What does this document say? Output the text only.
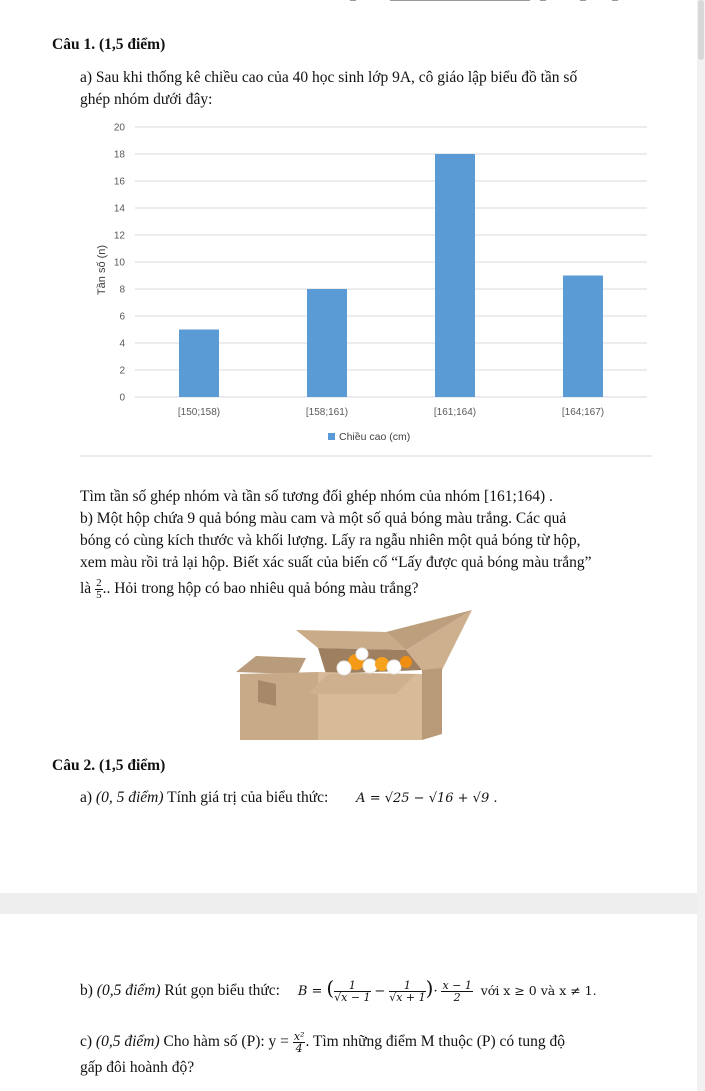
Câu 1. (1,5 điểm)
a) Sau khi thống kê chiều cao của 40 học sinh lớp 9A, cô giáo lập biểu đồ tần số
ghép nhóm dưới đây:
0
2
4
6
8
10
12
14
16
18
20
[150;158)	[158;161)	[161;164)	[164;167)
Tần số (n)
Chiều cao (cm)
Tìm tần số ghép nhóm và tần số tương đối ghép nhóm của nhóm [161;164) .
b) Một hộp chứa 9 quả bóng màu cam và một số quả bóng màu trắng. Các quả
bóng có cùng kích thước và khối lượng. Lấy ra ngẫu nhiên một quả bóng từ hộp,
xem màu rồi trả lại hộp. Biết xác suất của biến cố “Lấy được quả bóng màu trắng”
là $\frac{2}{5}$ .. Hỏi trong hộp có bao nhiêu quả bóng màu trắng?
Câu 2. (1,5 điểm)
a) (0, 5 điểm) Tính giá trị của biểu thức: A = √25 − √16 + √9 .
b) (0,5 điểm) Rút gọn biểu thức: B = ( $\frac{1}{√x - 1} - \frac{1}{√x + 1}$ )· $\frac{x - 1}{2}$ với x ≥ 0 và x ≠ 1.
c) (0,5 điểm) Cho hàm số (P): $y = \frac{\text{x²}}{4}$ . Tìm những điểm M thuộc (P) có tung độ
gấp đôi hoành độ?
